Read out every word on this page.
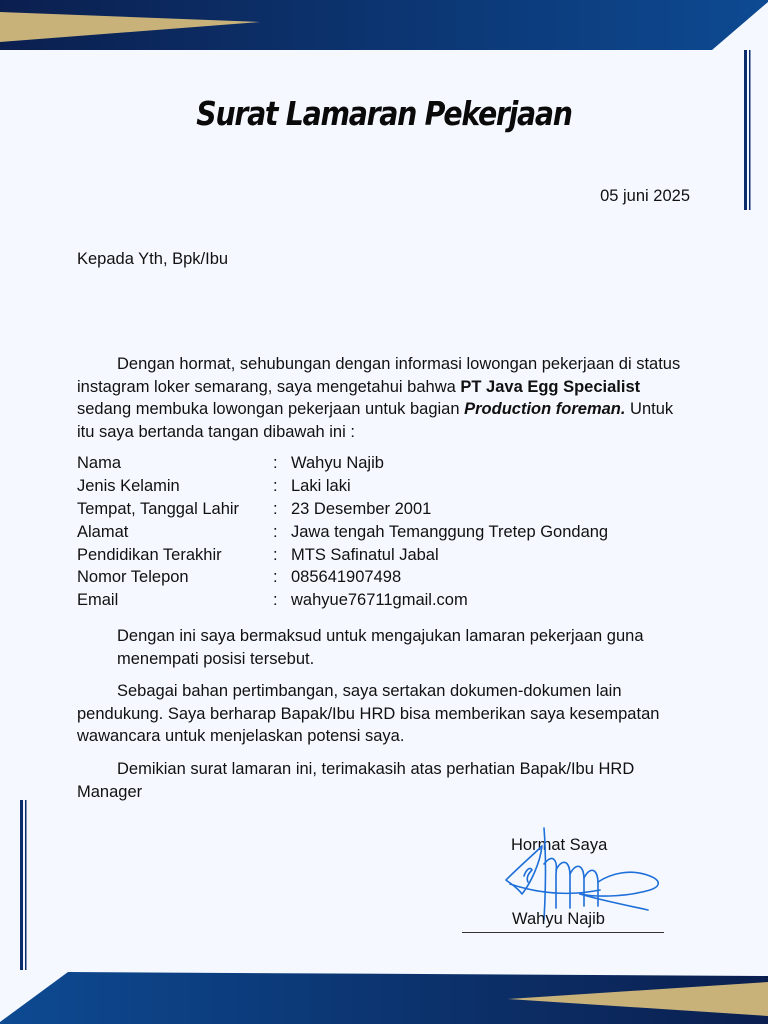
Surat Lamaran Pekerjaan
05 juni 2025
Kepada Yth, Bpk/Ibu

Dengan hormat, sehubungan dengan informasi lowongan pekerjaan di status instagram loker semarang, saya mengetahui bahwa PT Java Egg Specialist sedang membuka lowongan pekerjaan untuk bagian Production foreman. Untuk itu saya bertanda tangan dibawah ini :

Nama	: Wahyu Najib
Jenis Kelamin	: Laki laki
Tempat, Tanggal Lahir	: 23 Desember 2001
Alamat	: Jawa tengah Temanggung Tretep Gondang
Pendidikan Terakhir	: MTS Safinatul Jabal
Nomor Telepon	: 085641907498
Email	: wahyue76711gmail.com

Dengan ini saya bermaksud untuk mengajukan lamaran pekerjaan guna menempati posisi tersebut.

Sebagai bahan pertimbangan, saya sertakan dokumen-dokumen lain pendukung. Saya berharap Bapak/Ibu HRD bisa memberikan saya kesempatan wawancara untuk menjelaskan potensi saya.

Demikian surat lamaran ini, terimakasih atas perhatian Bapak/Ibu HRD Manager

Hormat Saya
Wahyu Najib
